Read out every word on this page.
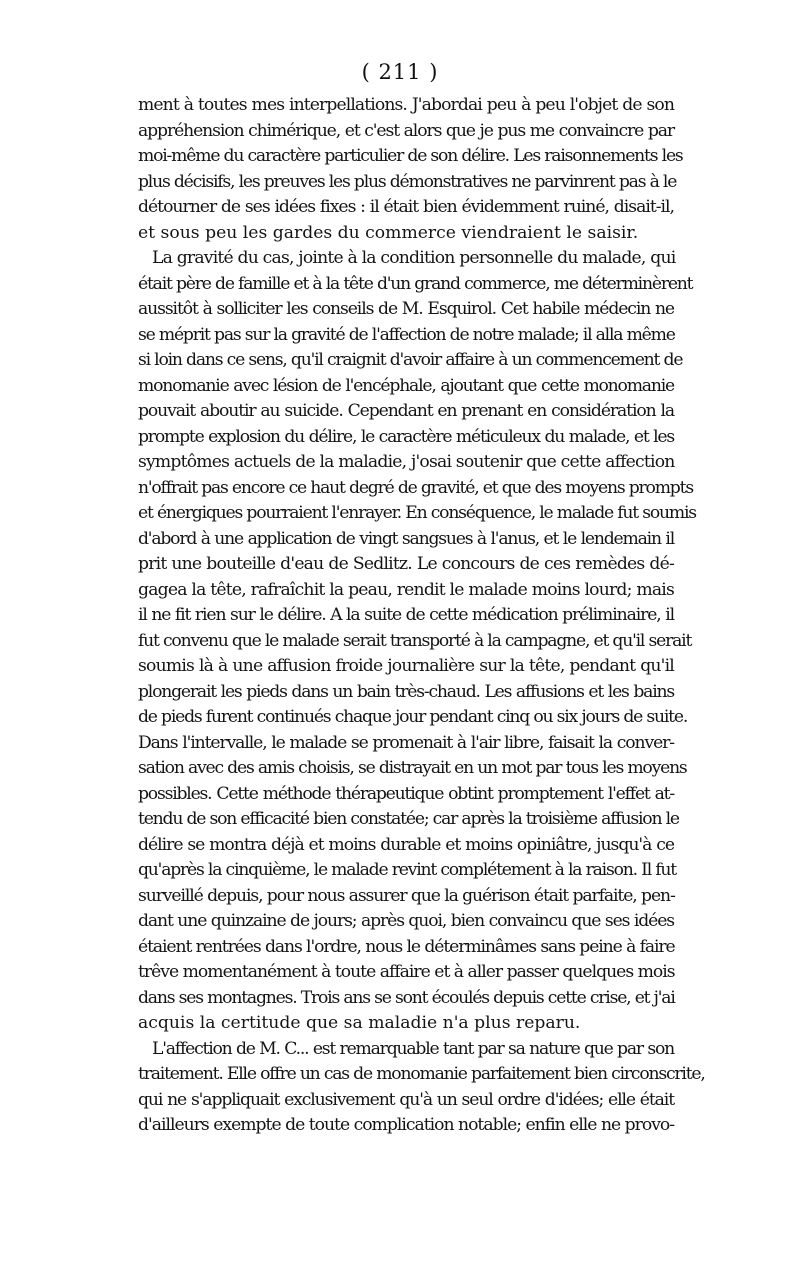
( 211 )
ment à toutes mes interpellations. J'abordai peu à peu l'objet de son
appréhension chimérique, et c'est alors que je pus me convaincre par
moi-même du caractère particulier de son délire. Les raisonnements les
plus décisifs, les preuves les plus démonstratives ne parvinrent pas à le
détourner de ses idées fixes : il était bien évidemment ruiné, disait-il,
et sous peu les gardes du commerce viendraient le saisir.
La gravité du cas, jointe à la condition personnelle du malade, qui
était père de famille et à la tête d'un grand commerce, me déterminèrent
aussitôt à solliciter les conseils de M. Esquirol. Cet habile médecin ne
se méprit pas sur la gravité de l'affection de notre malade; il alla même
si loin dans ce sens, qu'il craignit d'avoir affaire à un commencement de
monomanie avec lésion de l'encéphale, ajoutant que cette monomanie
pouvait aboutir au suicide. Cependant en prenant en considération la
prompte explosion du délire, le caractère méticuleux du malade, et les
symptômes actuels de la maladie, j'osai soutenir que cette affection
n'offrait pas encore ce haut degré de gravité, et que des moyens prompts
et énergiques pourraient l'enrayer. En conséquence, le malade fut soumis
d'abord à une application de vingt sangsues à l'anus, et le lendemain il
prit une bouteille d'eau de Sedlitz. Le concours de ces remèdes dé-
gagea la tête, rafraîchit la peau, rendit le malade moins lourd; mais
il ne fit rien sur le délire. A la suite de cette médication préliminaire, il
fut convenu que le malade serait transporté à la campagne, et qu'il serait
soumis là à une affusion froide journalière sur la tête, pendant qu'il
plongerait les pieds dans un bain très-chaud. Les affusions et les bains
de pieds furent continués chaque jour pendant cinq ou six jours de suite.
Dans l'intervalle, le malade se promenait à l'air libre, faisait la conver-
sation avec des amis choisis, se distrayait en un mot par tous les moyens
possibles. Cette méthode thérapeutique obtint promptement l'effet at-
tendu de son efficacité bien constatée; car après la troisième affusion le
délire se montra déjà et moins durable et moins opiniâtre, jusqu'à ce
qu'après la cinquième, le malade revint complétement à la raison. Il fut
surveillé depuis, pour nous assurer que la guérison était parfaite, pen-
dant une quinzaine de jours; après quoi, bien convaincu que ses idées
étaient rentrées dans l'ordre, nous le déterminâmes sans peine à faire
trêve momentanément à toute affaire et à aller passer quelques mois
dans ses montagnes. Trois ans se sont écoulés depuis cette crise, et j'ai
acquis la certitude que sa maladie n'a plus reparu.
L'affection de M. C... est remarquable tant par sa nature que par son
traitement. Elle offre un cas de monomanie parfaitement bien circonscrite,
qui ne s'appliquait exclusivement qu'à un seul ordre d'idées; elle était
d'ailleurs exempte de toute complication notable; enfin elle ne provo-
